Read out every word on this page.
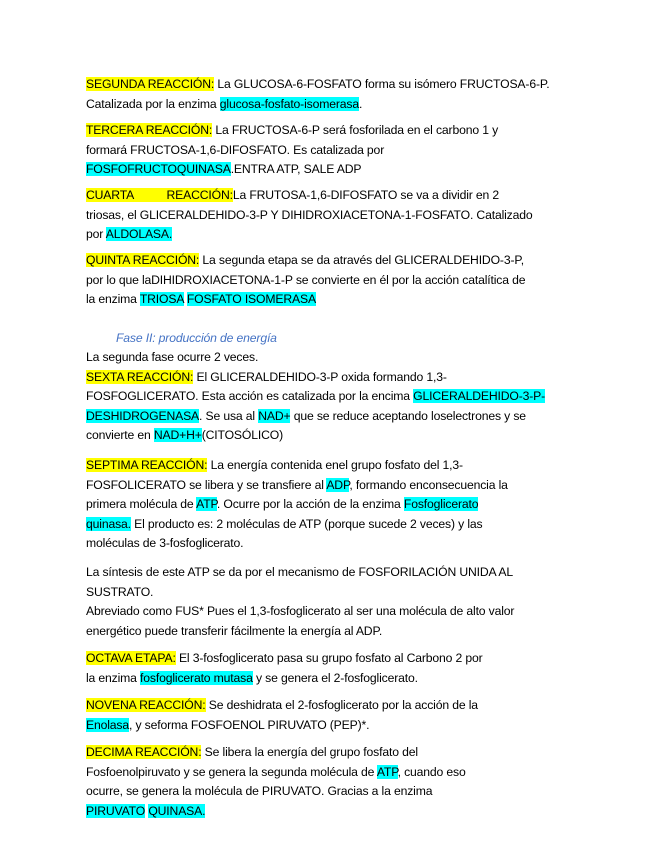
SEGUNDA REACCIÓN: La GLUCOSA-6-FOSFATO forma su isómero FRUCTOSA-6-P.
Catalizada por la enzima glucosa-fosfato-isomerasa.

TERCERA REACCIÓN: La FRUCTOSA-6-P será fosforilada en el carbono 1 y
formará FRUCTOSA-1,6-DIFOSFATO. Es catalizada por
FOSFOFRUCTOQUINASA.ENTRA ATP, SALE ADP

CUARTA	REACCIÓN:La FRUTOSA-1,6-DIFOSFATO se va a dividir en 2
triosas, el GLICERALDEHIDO-3-P Y DIHIDROXIACETONA-1-FOSFATO. Catalizado
por ALDOLASA.

QUINTA REACCIÓN: La segunda etapa se da através del GLICERALDEHIDO-3-P,
por lo que laDIHIDROXIACETONA-1-P se convierte en él por la acción catalítica de
la enzima TRIOSA FOSFATO ISOMERASA

Fase II: producción de energía

La segunda fase ocurre 2 veces.
SEXTA REACCIÓN: El GLICERALDEHIDO-3-P oxida formando 1,3-
FOSFOGLICERATO. Esta acción es catalizada por la encima GLICERALDEHIDO-3-P-
DESHIDROGENASA. Se usa al NAD+ que se reduce aceptando loselectrones y se
convierte en NAD+H+(CITOSÓLICO)

SEPTIMA REACCIÓN: La energía contenida enel grupo fosfato del 1,3-
FOSFOLICERATO se libera y se transfiere al ADP, formando enconsecuencia la
primera molécula de ATP. Ocurre por la acción de la enzima Fosfoglicerato
quinasa. El producto es: 2 moléculas de ATP (porque sucede 2 veces) y las
moléculas de 3-fosfoglicerato.

La síntesis de este ATP se da por el mecanismo de FOSFORILACIÓN UNIDA AL
SUSTRATO.
Abreviado como FUS* Pues el 1,3-fosfoglicerato al ser una molécula de alto valor
energético puede transferir fácilmente la energía al ADP.

OCTAVA ETAPA: El 3-fosfoglicerato pasa su grupo fosfato al Carbono 2 por
la enzima fosfoglicerato mutasa y se genera el 2-fosfoglicerato.

NOVENA REACCIÓN: Se deshidrata el 2-fosfoglicerato por la acción de la
Enolasa, y seforma FOSFOENOL PIRUVATO (PEP)*.

DECIMA REACCIÓN: Se libera la energía del grupo fosfato del
Fosfoenolpiruvato y se genera la segunda molécula de ATP, cuando eso
ocurre, se genera la molécula de PIRUVATO. Gracias a la enzima
PIRUVATO QUINASA.
